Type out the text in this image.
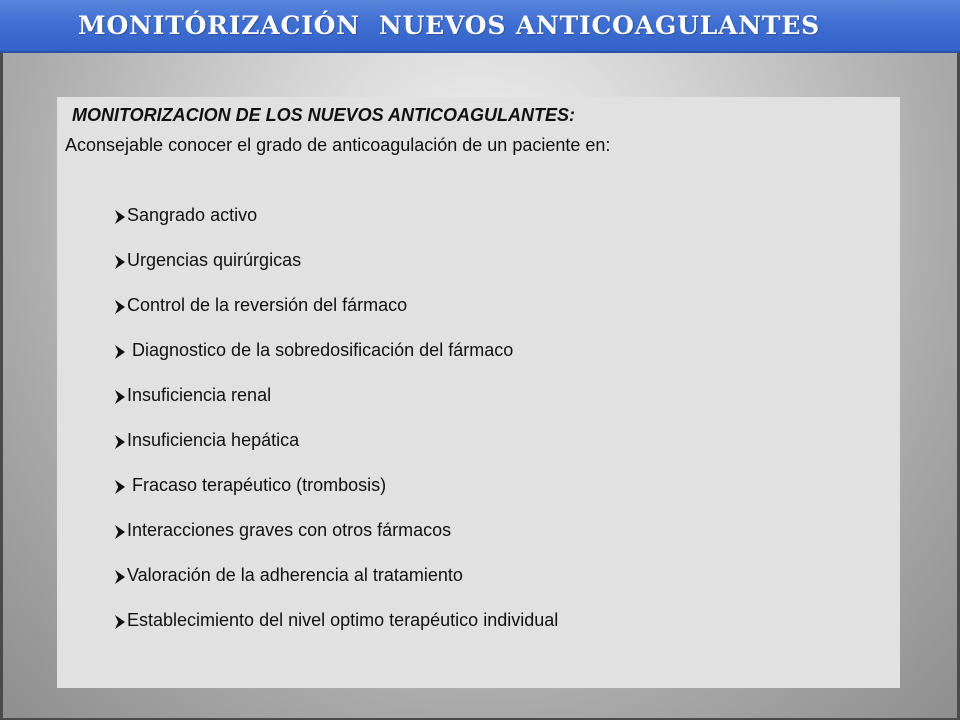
MONITÓRIZACIÓN  NUEVOS ANTICOAGULANTES

MONITORIZACION DE LOS NUEVOS ANTICOAGULANTES:

Aconsejable conocer el grado de anticoagulación de un paciente en:

Sangrado activo
Urgencias quirúrgicas
Control de la reversión del fármaco
Diagnostico de la sobredosificación del fármaco
Insuficiencia renal
Insuficiencia hepática
Fracaso terapéutico (trombosis)
Interacciones graves con otros fármacos
Valoración de la adherencia al tratamiento
Establecimiento del nivel optimo terapéutico individual
